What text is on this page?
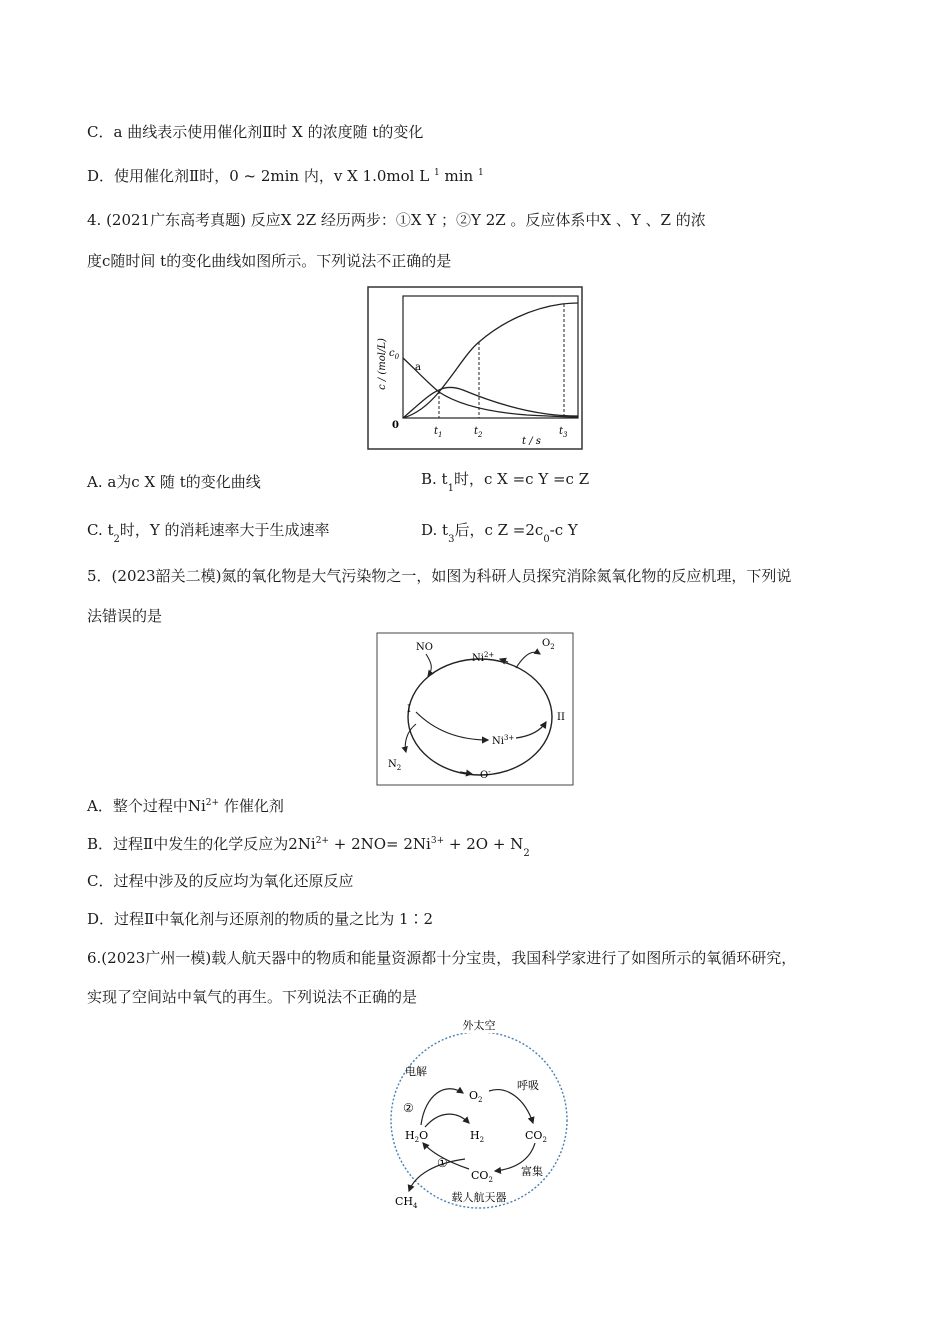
C．a 曲线表示使用催化剂Ⅱ时 X 的浓度随 t的变化
D．使用催化剂Ⅱ时，0 ~ 2min 内，v X 1.0mol L $^1$ min $^1$
4. (2021广东高考真题) 反应X 2Z 经历两步：①X Y ；②Y 2Z 。反应体系中X 、Y 、Z 的浓
度c随时间 t的变化曲线如图所示。下列说法不正确的是
c / (mol/L) $c_0$
a
0
$t_1$	$t_2$
t / s
$t_3$
A. a为c X 随 t的变化曲线	B. $t_1$时，c X =c Y =c Z
C. $t_2$时，Y 的消耗速率大于生成速率	D. $t_3$后，c $Z =2c_0-c$ Y
5．(2023韶关二模)氮的氧化物是大气污染物之一，如图为科研人员探究消除氮氧化物的反应机理，下列说
法错误的是
NO
$Ni^{2+}$
$O_2$
I
II
$Ni^{3+}$
$N_2$
O-
A．整个过程中$Ni^{2+}$ 作催化剂
B．过程Ⅱ中发生的化学反应为$2Ni^{2+} + 2NO= 2Ni^{3+} + 2O + N_2$
C．过程中涉及的反应均为氧化还原反应
D．过程Ⅱ中氧化剂与还原剂的物质的量之比为 1∶2
6.(2023广州一模)载人航天器中的物质和能量资源都十分宝贵，我国科学家进行了如图所示的氧循环研究，
实现了空间站中氧气的再生。下列说法不正确的是
外太空
电解
②
$O_2$
呼吸
$H_2O$	$H_2$	$CO_2$
①
富集
$CO_2$
$CH_4$
载人航天器
